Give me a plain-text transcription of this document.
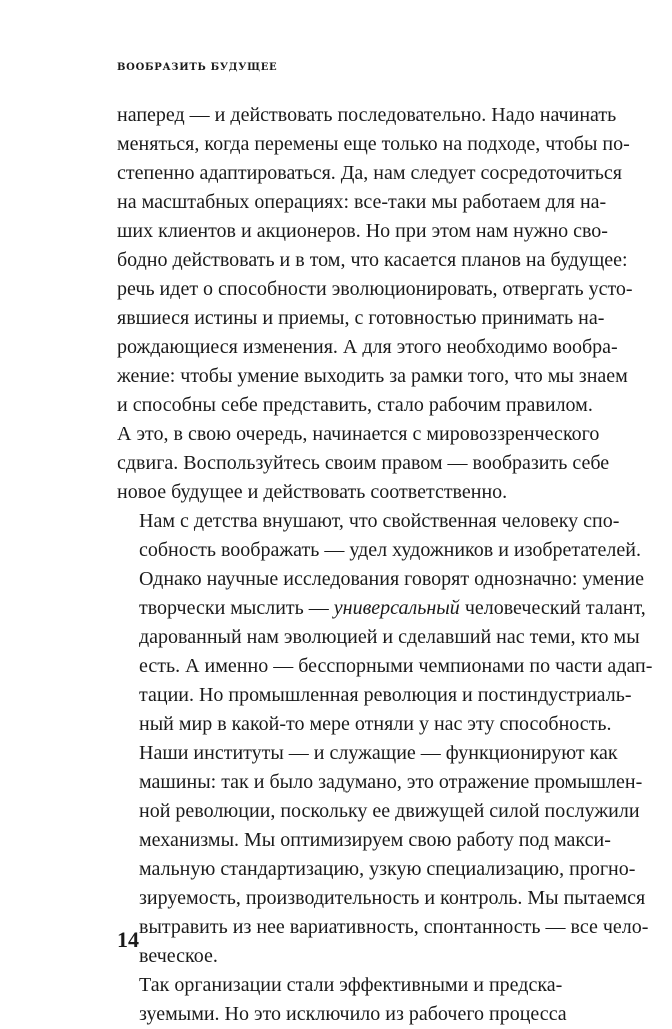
ВООБРАЗИТЬ БУДУЩЕЕ

наперед — и действовать последовательно. Надо начинать
меняться, когда перемены еще только на подходе, чтобы по-
степенно адаптироваться. Да, нам следует сосредоточиться
на масштабных операциях: все-таки мы работаем для на-
ших клиентов и акционеров. Но при этом нам нужно сво-
бодно действовать и в том, что касается планов на будущее:
речь идет о способности эволюционировать, отвергать усто-
явшиеся истины и приемы, с готовностью принимать на-
рождающиеся изменения. А для этого необходимо вообра-
жение: чтобы умение выходить за рамки того, что мы знаем
и способны себе представить, стало рабочим правилом.
А это, в свою очередь, начинается с мировоззренческого
сдвига. Воспользуйтесь своим правом — вообразить себе
новое будущее и действовать соответственно.

Нам с детства внушают, что свойственная человеку спо-
собность воображать — удел художников и изобретателей.
Однако научные исследования говорят однозначно: умение
творчески мыслить — универсальный человеческий талант,
дарованный нам эволюцией и сделавший нас теми, кто мы
есть. А именно — бесспорными чемпионами по части адап-
тации. Но промышленная революция и постиндустриаль-
ный мир в какой-то мере отняли у нас эту способность.

Наши институты — и служащие — функционируют как
машины: так и было задумано, это отражение промышлен-
ной революции, поскольку ее движущей силой послужили
механизмы. Мы оптимизируем свою работу под макси-
мальную стандартизацию, узкую специализацию, прогно-
зируемость, производительность и контроль. Мы пытаемся
вытравить из нее вариативность, спонтанность — все чело-
веческое.

Так организации стали эффективными и предска-
зуемыми. Но это исключило из рабочего процесса

14
